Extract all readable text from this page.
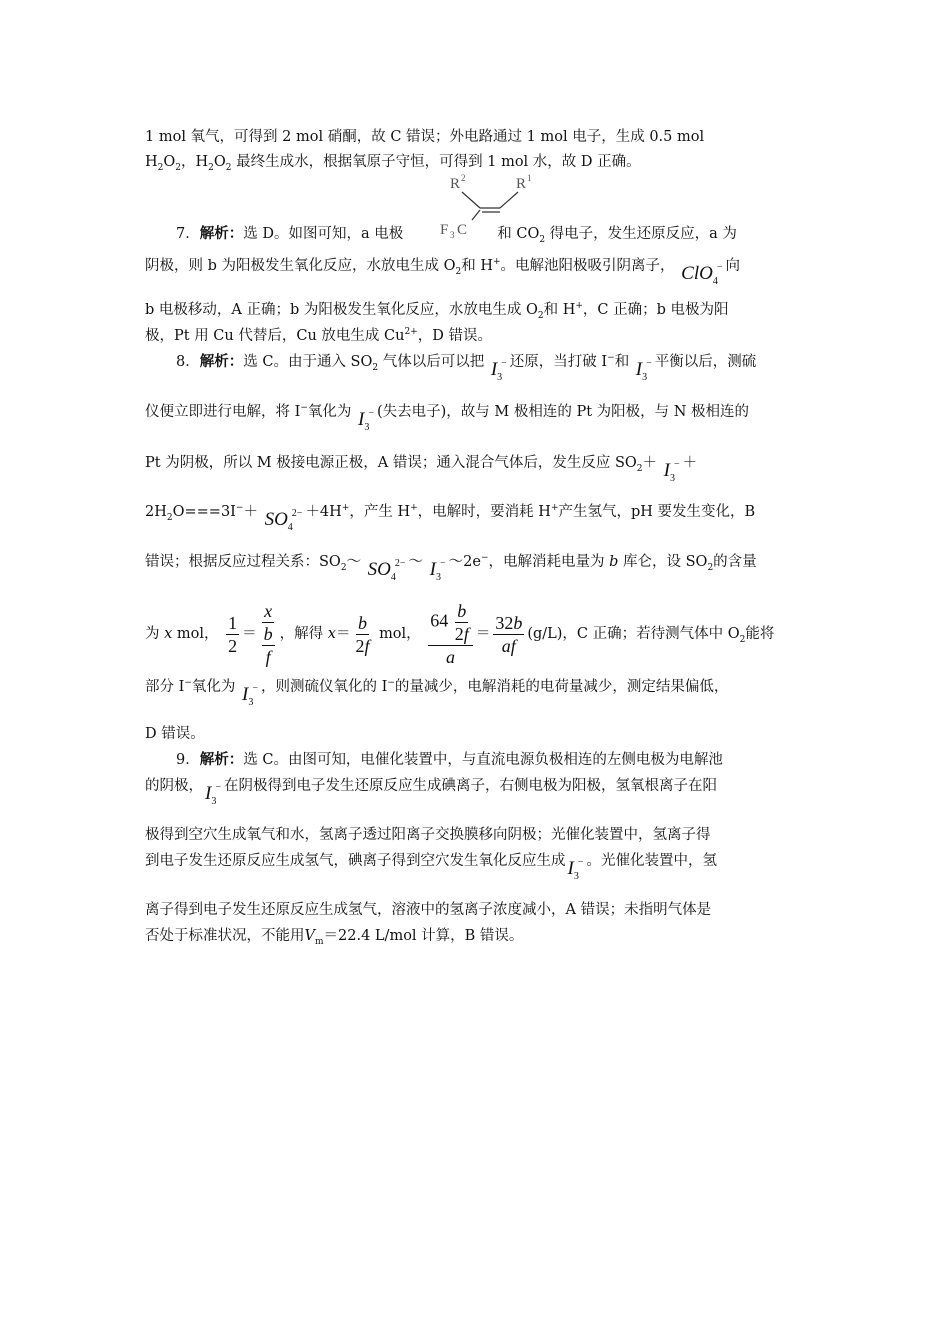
1 mol 氧气，可得到 2 mol 硝酮，故 C 错误；外电路通过 1 mol 电子，生成 0.5 mol
$H_2O_2$，$H_2O_2$ 最终生成水，根据氧原子守恒，可得到 1 mol 水，故 D 正确。
R 2	R 1
F 3 C
7．解析：选 D。如图可知，a 电极	和 $CO_2$ 得电子，发生还原反应，a 为
阴极，则 b 为阳极发生氧化反应，水放电生成 $O_2$和 H+。电解池阳极吸引阴离子， ClO$_4$− 向
b 电极移动，A 正确；b 为阳极发生氧化反应，水放电生成 $O_2$和 H+，C 正确；b 电极为阳
极，Pt 用 Cu 代替后，Cu 放电生成 $Cu^{2+}$，D 错误。
8．解析：选 C。由于通入 $SO_2$ 气体以后可以把 $I_3^-$ 还原，当打破 I−和 $I_3^-$ 平衡以后，测硫
仪便立即进行电解，将 I−氧化为 $I_3^-$ (失去电子)，故与 M 极相连的 Pt 为阳极，与 N 极相连的
Pt 为阴极，所以 M 极接电源正极，A 错误；通入混合气体后，发生反应 $SO_2+ I_3^-$ ＋
$2H_2O===3I^-+ SO_4^{2-} +4H^+$，产生 H+，电解时，要消耗 H+产生氢气，pH 要发生变化，B
错误；根据反应过程关系：$SO_2\sim$ $SO_4^{2-}$ ～ $I_3^-$ ～2e−，电解消耗电量为 b 库仑，设 $SO_2$的含量
为 x mol， $\frac{1}{2} = \frac{x}{\frac{b}{f}}$ ，解得 $x= \frac{b}{2f}$ mol， $\frac{64 \frac{b}{2f}}{a} = \frac{32b}{af} (g/L)$，C 正确；若待测气体中 $O_2$能将
部分 I−氧化为 $I_3^-$ ，则测硫仪氧化的 I−的量减少，电解消耗的电荷量减少，测定结果偏低，
D 错误。
9．解析：选 C。由图可知，电催化装置中，与直流电源负极相连的左侧电极为电解池
的阴极， $I_3^-$ 在阴极得到电子发生还原反应生成碘离子，右侧电极为阳极，氢氧根离子在阳
极得到空穴生成氧气和水，氢离子透过阳离子交换膜移向阴极；光催化装置中，氢离子得
到电子发生还原反应生成氢气，碘离子得到空穴发生氧化反应生成 $I_3^-$ 。光催化装置中，氢
离子得到电子发生还原反应生成氢气，溶液中的氢离子浓度减小，A 错误；未指明气体是
否处于标准状况，不能用$V_m=22.4$ L/mol 计算，B 错误。
